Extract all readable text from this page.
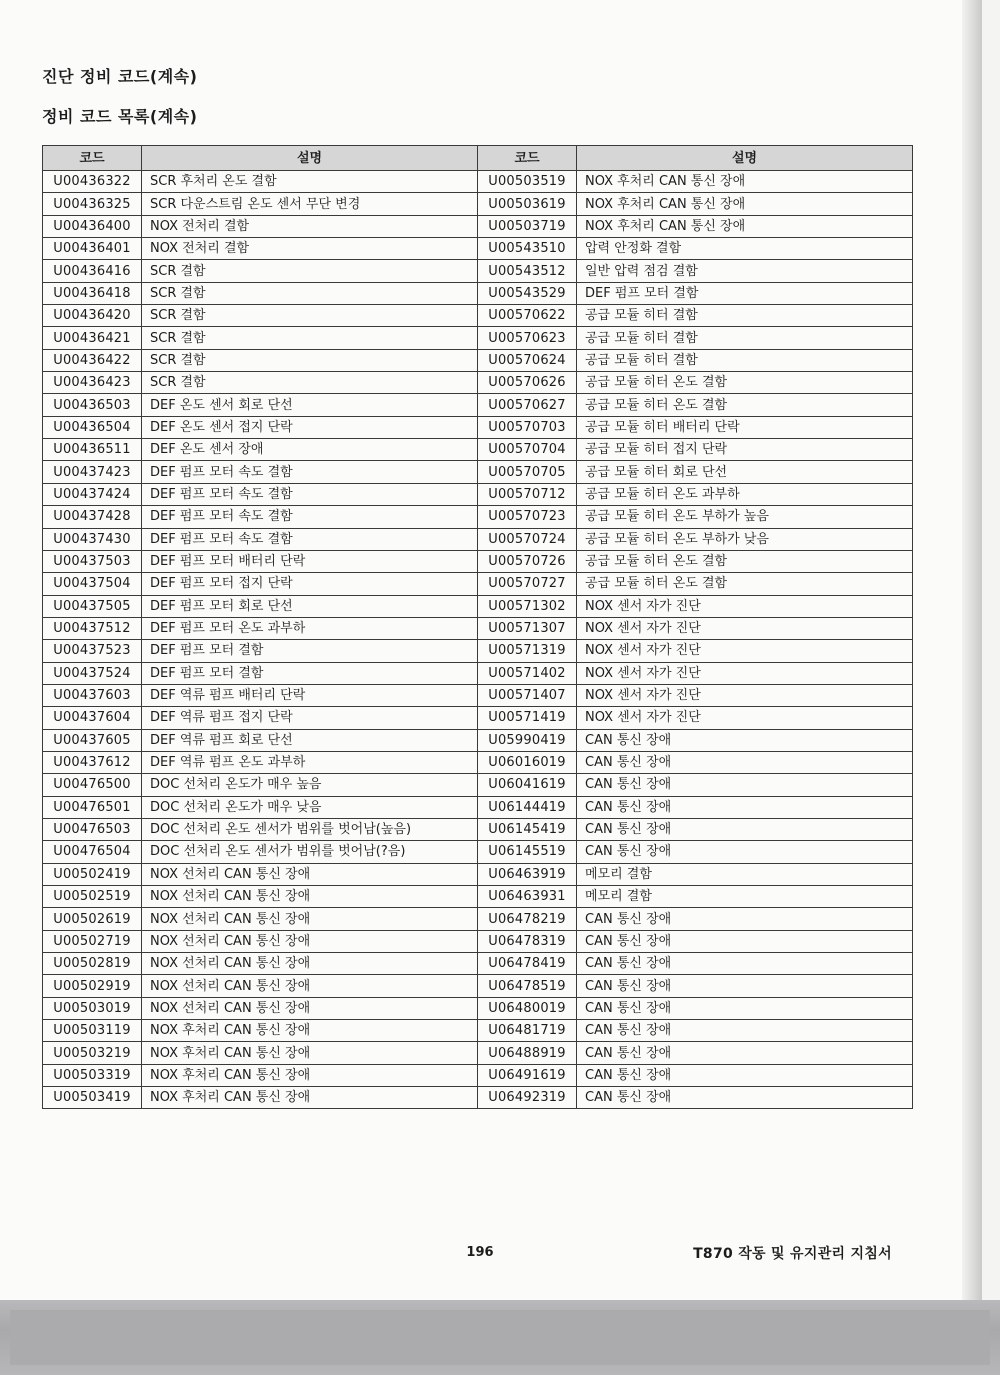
진단 정비 코드(계속)
정비 코드 목록(계속)
코드	설명	코드	설명
U00436322	SCR 후처리 온도 결함	U00503519	NOX 후처리 CAN 통신 장애
U00436325	SCR 다운스트림 온도 센서 무단 변경	U00503619	NOX 후처리 CAN 통신 장애
U00436400	NOX 전처리 결함	U00503719	NOX 후처리 CAN 통신 장애
U00436401	NOX 전처리 결함	U00543510	압력 안정화 결함
U00436416	SCR 결함	U00543512	일반 압력 점검 결함
U00436418	SCR 결함	U00543529	DEF 펌프 모터 결함
U00436420	SCR 결함	U00570622	공급 모듈 히터 결함
U00436421	SCR 결함	U00570623	공급 모듈 히터 결함
U00436422	SCR 결함	U00570624	공급 모듈 히터 결함
U00436423	SCR 결함	U00570626	공급 모듈 히터 온도 결함
U00436503	DEF 온도 센서 회로 단선	U00570627	공급 모듈 히터 온도 결함
U00436504	DEF 온도 센서 접지 단락	U00570703	공급 모듈 히터 배터리 단락
U00436511	DEF 온도 센서 장애	U00570704	공급 모듈 히터 접지 단락
U00437423	DEF 펌프 모터 속도 결함	U00570705	공급 모듈 히터 회로 단선
U00437424	DEF 펌프 모터 속도 결함	U00570712	공급 모듈 히터 온도 과부하
U00437428	DEF 펌프 모터 속도 결함	U00570723	공급 모듈 히터 온도 부하가 높음
U00437430	DEF 펌프 모터 속도 결함	U00570724	공급 모듈 히터 온도 부하가 낮음
U00437503	DEF 펌프 모터 배터리 단락	U00570726	공급 모듈 히터 온도 결함
U00437504	DEF 펌프 모터 접지 단락	U00570727	공급 모듈 히터 온도 결함
U00437505	DEF 펌프 모터 회로 단선	U00571302	NOX 센서 자가 진단
U00437512	DEF 펌프 모터 온도 과부하	U00571307	NOX 센서 자가 진단
U00437523	DEF 펌프 모터 결함	U00571319	NOX 센서 자가 진단
U00437524	DEF 펌프 모터 결함	U00571402	NOX 센서 자가 진단
U00437603	DEF 역류 펌프 배터리 단락	U00571407	NOX 센서 자가 진단
U00437604	DEF 역류 펌프 접지 단락	U00571419	NOX 센서 자가 진단
U00437605	DEF 역류 펌프 회로 단선	U05990419	CAN 통신 장애
U00437612	DEF 역류 펌프 온도 과부하	U06016019	CAN 통신 장애
U00476500	DOC 선처리 온도가 매우 높음	U06041619	CAN 통신 장애
U00476501	DOC 선처리 온도가 매우 낮음	U06144419	CAN 통신 장애
U00476503	DOC 선처리 온도 센서가 범위를 벗어남(높음)	U06145419	CAN 통신 장애
U00476504	DOC 선처리 온도 센서가 범위를 벗어남(?음)	U06145519	CAN 통신 장애
U00502419	NOX 선처리 CAN 통신 장애	U06463919	메모리 결함
U00502519	NOX 선처리 CAN 통신 장애	U06463931	메모리 결함
U00502619	NOX 선처리 CAN 통신 장애	U06478219	CAN 통신 장애
U00502719	NOX 선처리 CAN 통신 장애	U06478319	CAN 통신 장애
U00502819	NOX 선처리 CAN 통신 장애	U06478419	CAN 통신 장애
U00502919	NOX 선처리 CAN 통신 장애	U06478519	CAN 통신 장애
U00503019	NOX 선처리 CAN 통신 장애	U06480019	CAN 통신 장애
U00503119	NOX 후처리 CAN 통신 장애	U06481719	CAN 통신 장애
U00503219	NOX 후처리 CAN 통신 장애	U06488919	CAN 통신 장애
U00503319	NOX 후처리 CAN 통신 장애	U06491619	CAN 통신 장애
U00503419	NOX 후처리 CAN 통신 장애	U06492319	CAN 통신 장애
196	T870 작동 및 유지관리 지침서
